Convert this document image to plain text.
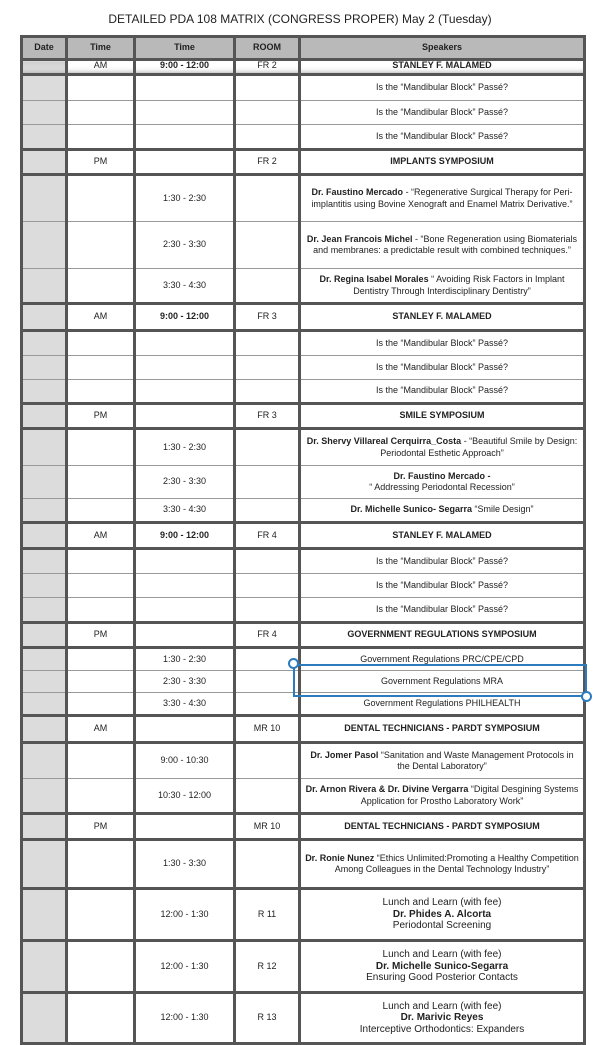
DETAILED PDA 108 MATRIX (CONGRESS PROPER) May 2 (Tuesday)
Date	Time	Time	ROOM	Speakers
	AM	9:00 - 12:00	FR 2	STANLEY F. MALAMED
				Is the “Mandibular Block” Passé?
				Is the “Mandibular Block” Passé?
				Is the “Mandibular Block” Passé?
	PM		FR 2	IMPLANTS SYMPOSIUM
		1:30 - 2:30		Dr. Faustino Mercado - “Regenerative Surgical Therapy for Peri-implantitis using Bovine Xenograft and Enamel Matrix Derivative.”
		2:30 - 3:30		Dr. Jean Francois Michel - “Bone Regeneration using Biomaterials and membranes: a predictable result with combined techniques.”
		3:30 - 4:30		Dr. Regina Isabel Morales “ Avoiding Risk Factors in Implant Dentistry Through Interdisciplinary Dentistry”
	AM	9:00 - 12:00	FR 3	STANLEY F. MALAMED
				Is the “Mandibular Block” Passé?
				Is the “Mandibular Block” Passé?
				Is the “Mandibular Block” Passé?
	PM		FR 3	SMILE SYMPOSIUM
		1:30 - 2:30		Dr. Shervy Villareal Cerquirra_Costa - “Beautiful Smile by Design: Periodontal Esthetic Approach”
		2:30 - 3:30		Dr. Faustino Mercado -
“ Addressing Periodontal Recession”
		3:30 - 4:30		Dr. Michelle Sunico- Segarra “Smile Design”
	AM	9:00 - 12:00	FR 4	STANLEY F. MALAMED
				Is the “Mandibular Block” Passé?
				Is the “Mandibular Block” Passé?
				Is the “Mandibular Block” Passé?
	PM		FR 4	GOVERNMENT REGULATIONS SYMPOSIUM
		1:30 - 2:30		Government Regulations PRC/CPE/CPD
		2:30 - 3:30		Government Regulations MRA
		3:30 - 4:30		Government Regulations PHILHEALTH
	AM		MR 10	DENTAL TECHNICIANS - PARDT SYMPOSIUM
		9:00 - 10:30		Dr. Jomer Pasol “Sanitation and Waste Management Protocols in the Dental Laboratory”
		10:30 - 12:00		Dr. Arnon Rivera & Dr. Divine Vergarra “Digital Desgining Systems Application for Prostho Laboratory Work”
	PM		MR 10	DENTAL TECHNICIANS - PARDT SYMPOSIUM
		1:30 - 3:30		Dr. Ronie Nunez “Ethics Unlimited:Promoting a Healthy Competition Among Colleagues in the Dental Technology Industry”
		12:00 - 1:30	R 11	Lunch and Learn (with fee)
Dr. Phides A. Alcorta
Periodontal Screening
		12:00 - 1:30	R 12	Lunch and Learn (with fee)
Dr. Michelle Sunico-Segarra
Ensuring Good Posterior Contacts
		12:00 - 1:30	R 13	Lunch and Learn (with fee)
Dr. Marivic Reyes
Interceptive Orthodontics: Expanders
